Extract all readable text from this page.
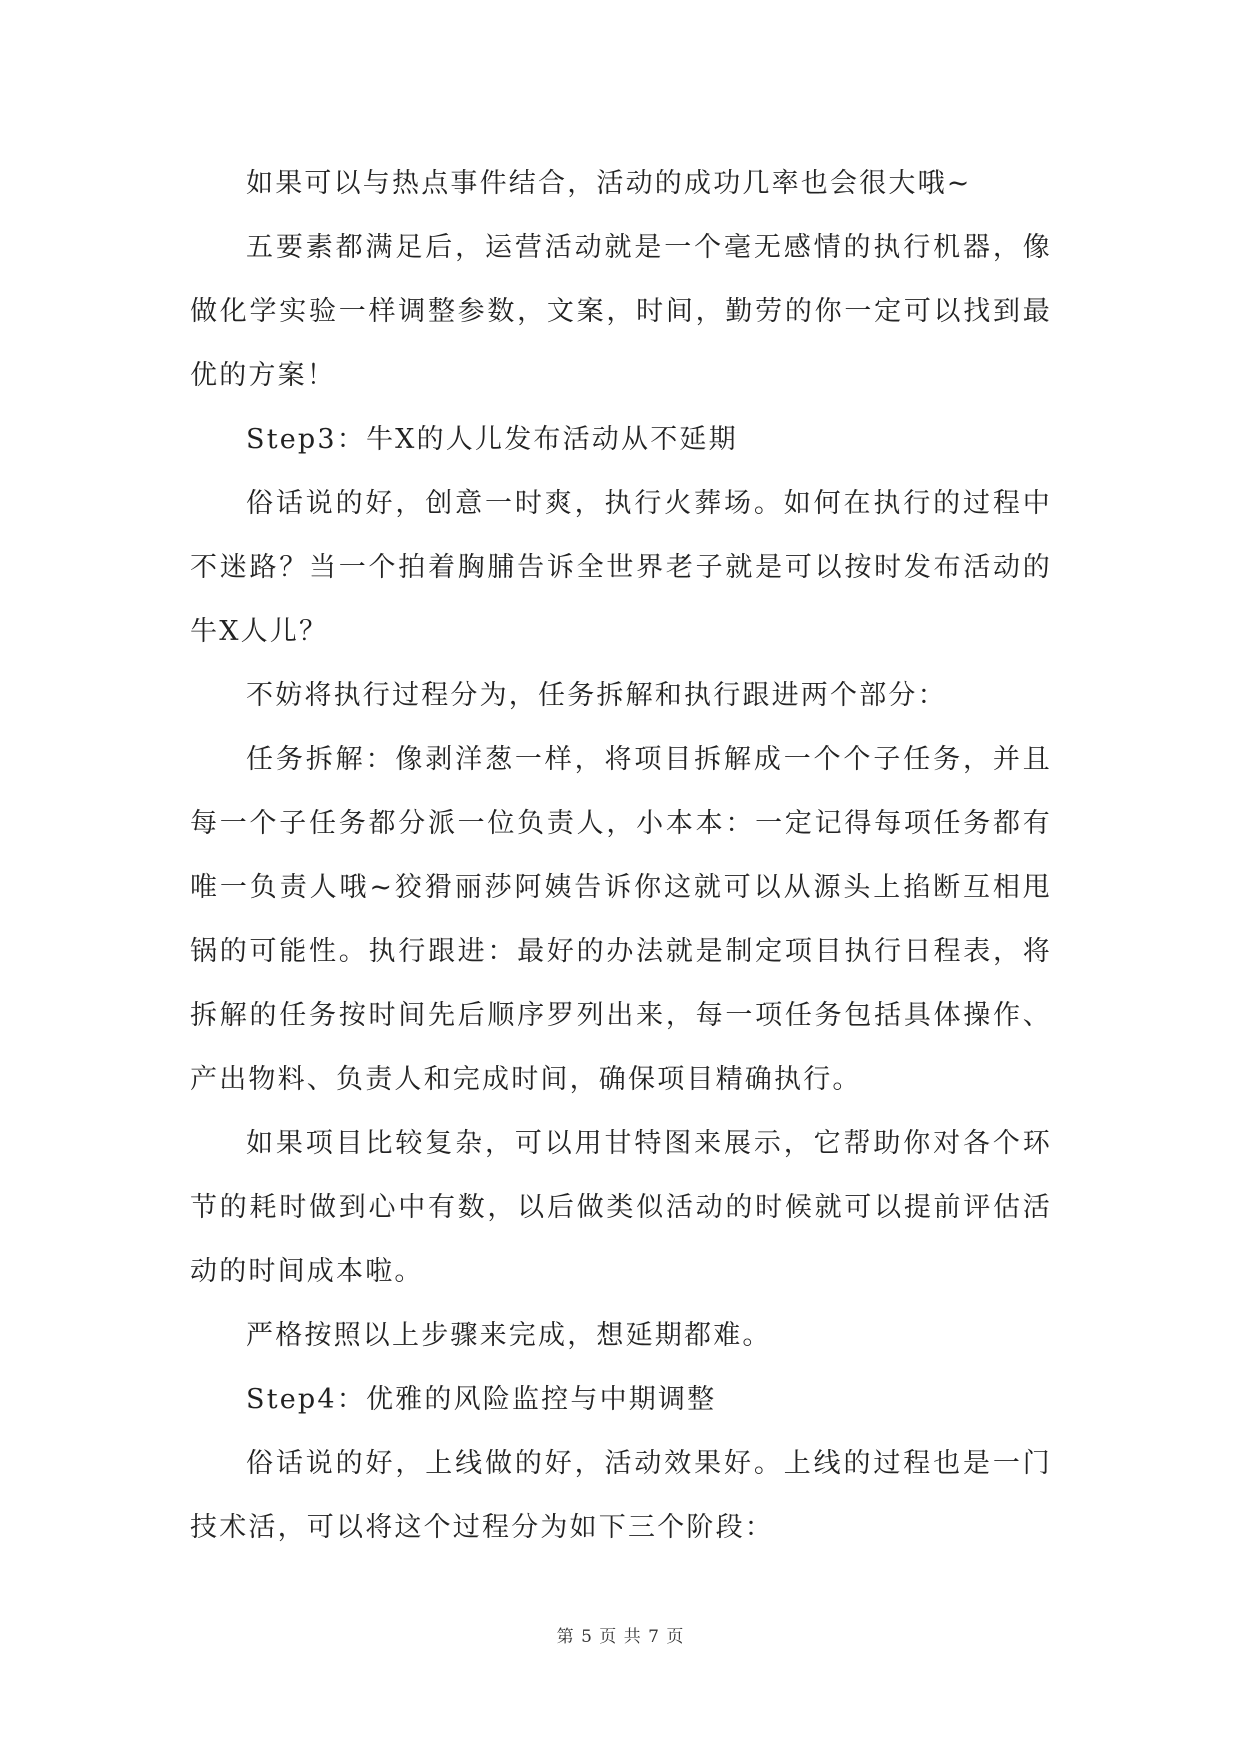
如果可以与热点事件结合，活动的成功几率也会很大哦~

五要素都满足后，运营活动就是一个毫无感情的执行机器，像做化学实验一样调整参数，文案，时间，勤劳的你一定可以找到最优的方案！

Step3：牛X的人儿发布活动从不延期

俗话说的好，创意一时爽，执行火葬场。如何在执行的过程中不迷路？当一个拍着胸脯告诉全世界老子就是可以按时发布活动的牛X人儿？

不妨将执行过程分为，任务拆解和执行跟进两个部分：

任务拆解：像剥洋葱一样，将项目拆解成一个个子任务，并且每一个子任务都分派一位负责人，小本本：一定记得每项任务都有唯一负责人哦~狡猾丽莎阿姨告诉你这就可以从源头上掐断互相甩锅的可能性。执行跟进：最好的办法就是制定项目执行日程表，将拆解的任务按时间先后顺序罗列出来，每一项任务包括具体操作、产出物料、负责人和完成时间，确保项目精确执行。

如果项目比较复杂，可以用甘特图来展示，它帮助你对各个环节的耗时做到心中有数，以后做类似活动的时候就可以提前评估活动的时间成本啦。

严格按照以上步骤来完成，想延期都难。

Step4：优雅的风险监控与中期调整

俗话说的好，上线做的好，活动效果好。上线的过程也是一门技术活，可以将这个过程分为如下三个阶段：

第 5 页 共 7 页
